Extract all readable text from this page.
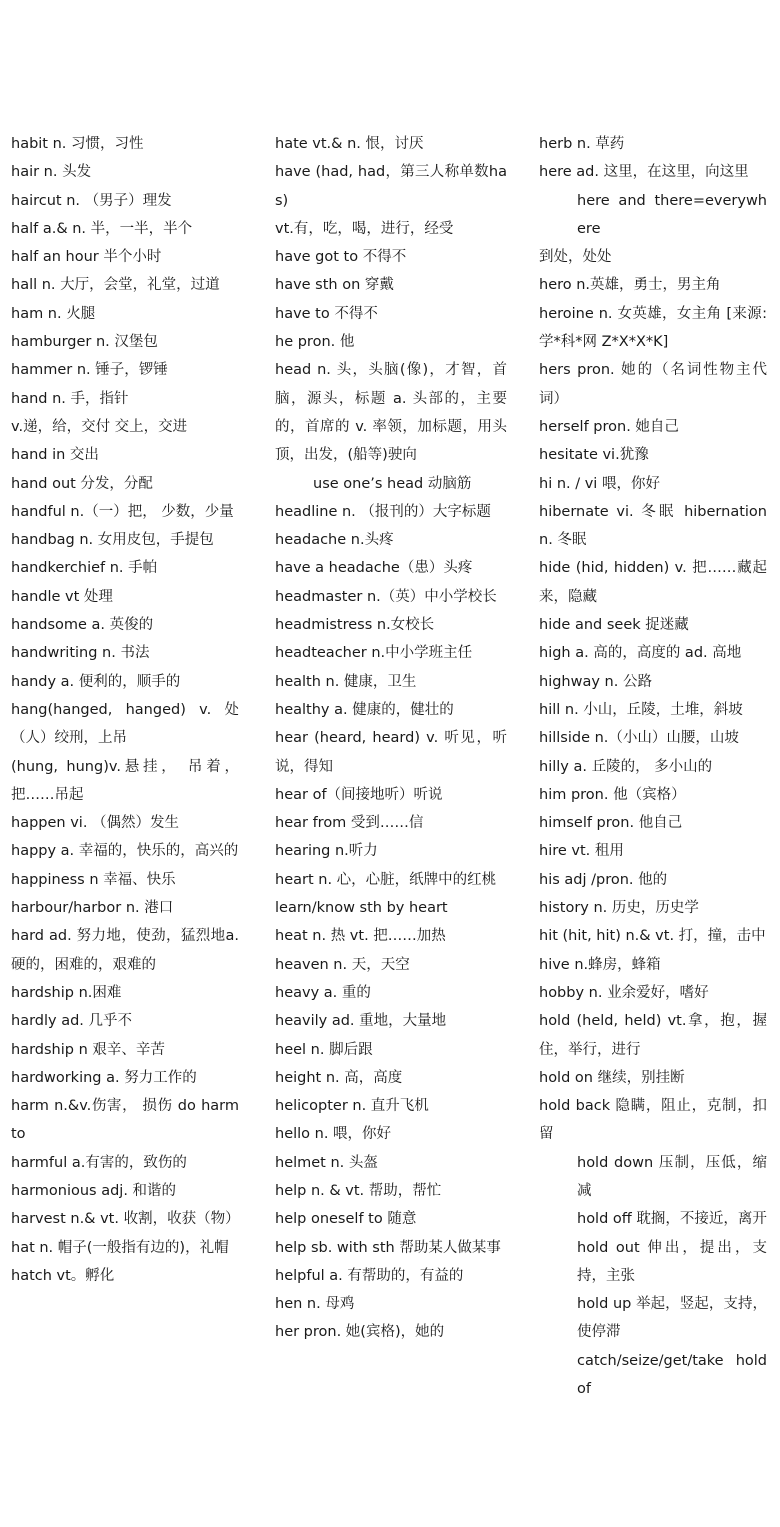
habit n. 习惯，习性

hair n. 头发

haircut n. （男子）理发

half a.& n. 半，一半，半个

half an hour 半个小时

hall n. 大厅，会堂，礼堂，过道

ham n. 火腿

hamburger n. 汉堡包

hammer n. 锤子，锣锤

hand n. 手，指针

v.递，给，交付 交上，交进

hand in 交出

hand out 分发，分配

handful n.（一）把， 少数，少量

handbag n. 女用皮包，手提包

handkerchief n. 手帕

handle vt 处理

handsome a. 英俊的

handwriting n. 书法

handy a. 便利的，顺手的

hang(hanged, hanged) v. 处（人）绞刑，上吊

(hung, hung)v.悬挂， 吊着，把……吊起

happen vi. （偶然）发生

happy a. 幸福的，快乐的，高兴的

happiness n 幸福、快乐

harbour/harbor n. 港口

hard ad. 努力地，使劲，猛烈地a.硬的，困难的，艰难的

hardship n.困难

hardly ad. 几乎不

hardship n 艰辛、辛苦

hardworking a. 努力工作的

harm n.&v.伤害， 损伤 do harm to

harmful a.有害的，致伤的

harmonious adj. 和谐的

harvest n.& vt. 收割，收获（物）

hat n. 帽子(一般指有边的)，礼帽

hatch vt。孵化

hate vt.& n. 恨，讨厌

have (had, had，第三人称单数has)

vt.有，吃，喝，进行，经受

have got to 不得不

have sth on 穿戴

have to 不得不

he pron. 他

head n. 头，头脑(像)，才智，首脑，源头，标题 a. 头部的，主要的，首席的 v. 率领，加标题，用头顶，出发，(船等)驶向

use one’s head 动脑筋

headline n. （报刊的）大字标题

headache n.头疼

have a headache（患）头疼

headmaster n.（英）中小学校长

headmistress n.女校长

headteacher n.中小学班主任

health n. 健康，卫生

healthy a. 健康的，健壮的

hear (heard, heard) v. 听见，听说，得知

hear of（间接地听）听说

hear from 受到……信

hearing n.听力

heart n. 心，心脏，纸牌中的红桃

learn/know sth by heart

heat n. 热 vt. 把……加热

heaven n. 天，天空

heavy a. 重的

heavily ad. 重地，大量地

heel n. 脚后跟

height n. 高，高度

helicopter n. 直升飞机

hello n. 喂，你好

helmet n. 头盔

help n. & vt. 帮助，帮忙

help oneself to 随意

help sb. with sth 帮助某人做某事

helpful a. 有帮助的，有益的

hen n. 母鸡

her pron. 她(宾格)，她的

herb n. 草药

here ad. 这里，在这里，向这里

here and there=everywhere

到处，处处

hero n.英雄，勇士，男主角

heroine n. 女英雄，女主角 [来源:学*科*网 Z*X*X*K]

hers pron. 她的（名词性物主代词）

herself pron. 她自己

hesitate vi.犹豫

hi n. / vi 喂，你好

hibernate vi. 冬眠 hibernation n. 冬眠

hide (hid, hidden) v. 把……藏起来，隐藏

hide and seek 捉迷藏

high a. 高的，高度的 ad. 高地

highway n. 公路

hill n. 小山，丘陵，土堆，斜坡

hillside n.（小山）山腰，山坡

hilly a. 丘陵的， 多小山的

him pron. 他（宾格）

himself pron. 他自己

hire vt. 租用

his adj /pron. 他的

history n. 历史，历史学

hit (hit, hit) n.& vt. 打，撞，击中

hive n.蜂房，蜂箱

hobby n. 业余爱好，嗜好

hold (held, held) vt.拿，抱，握住，举行，进行

hold on 继续，别挂断

hold back 隐瞒，阻止，克制，扣留

hold down 压制，压低，缩减

hold off 耽搁，不接近，离开

hold out 伸出，提出，支持，主张

hold up 举起，竖起，支持，使停滞

catch/seize/get/take hold of
